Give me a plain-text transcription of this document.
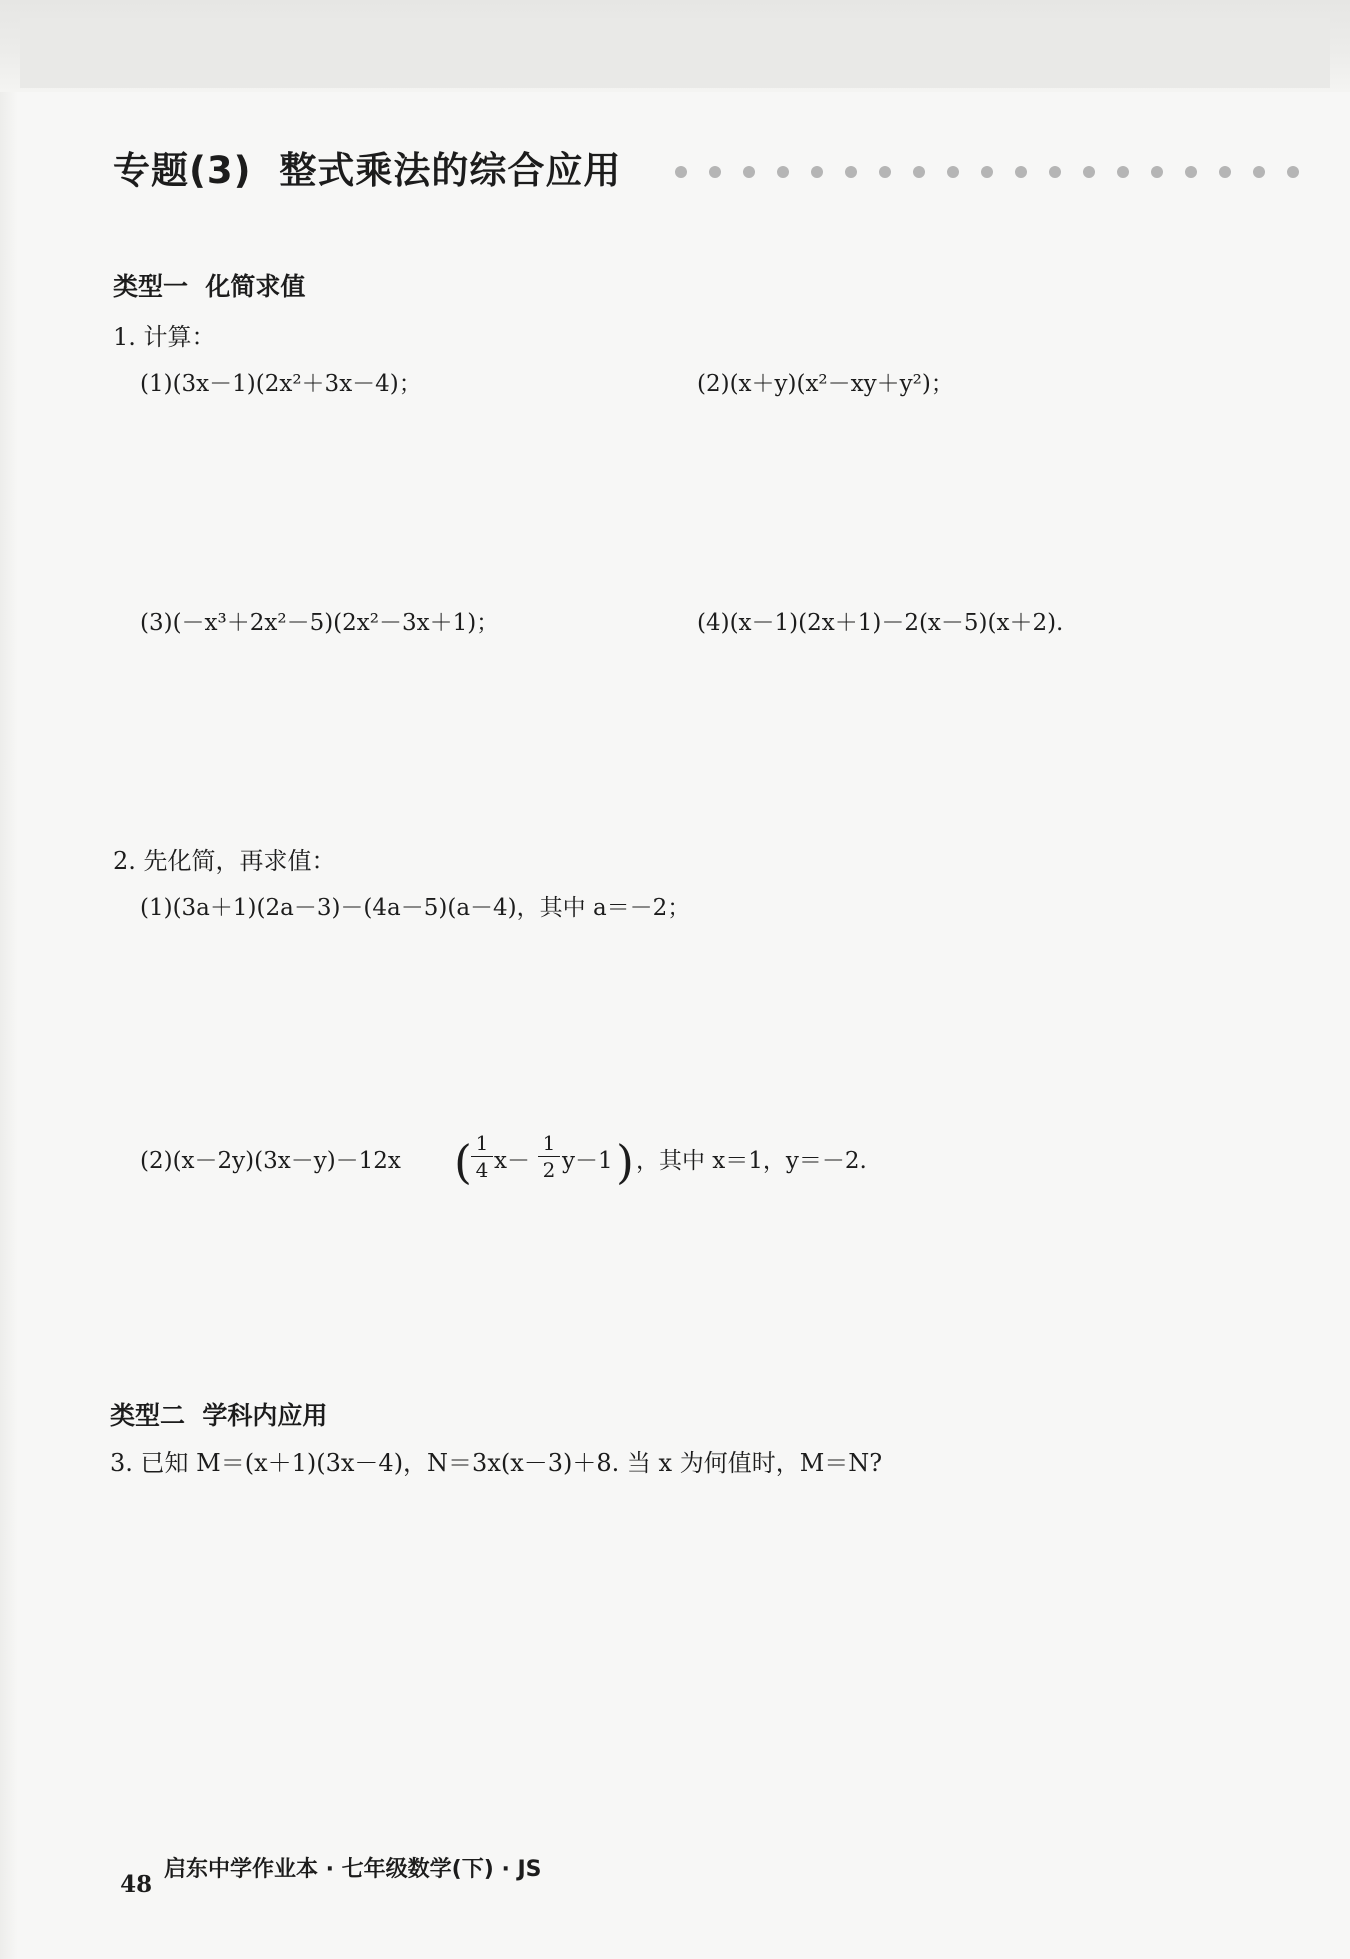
专题(3)  整式乘法的综合应用
类型一  化简求值

1. 计算：

(1)(3x－1)(2x²＋3x－4)；	(2)(x＋y)(x²－xy＋y²)；

(3)(－x³＋2x²－5)(2x²－3x＋1)；	(4)(x－1)(2x＋1)－2(x－5)(x＋2).

2. 先化简，再求值：

(1)(3a＋1)(2a－3)－(4a－5)(a－4)，其中 a＝－2；

(2)(x－2y)(3x－y)－12x ( 1
4 x－

1
2 y－1 ) ，其中 x＝1，y＝－2.

类型二  学科内应用

3. 已知 M＝(x＋1)(3x－4)，N＝3x(x－3)＋8. 当 x 为何值时，M＝N?

48

启东中学作业本 · 七年级数学(下) · JS
